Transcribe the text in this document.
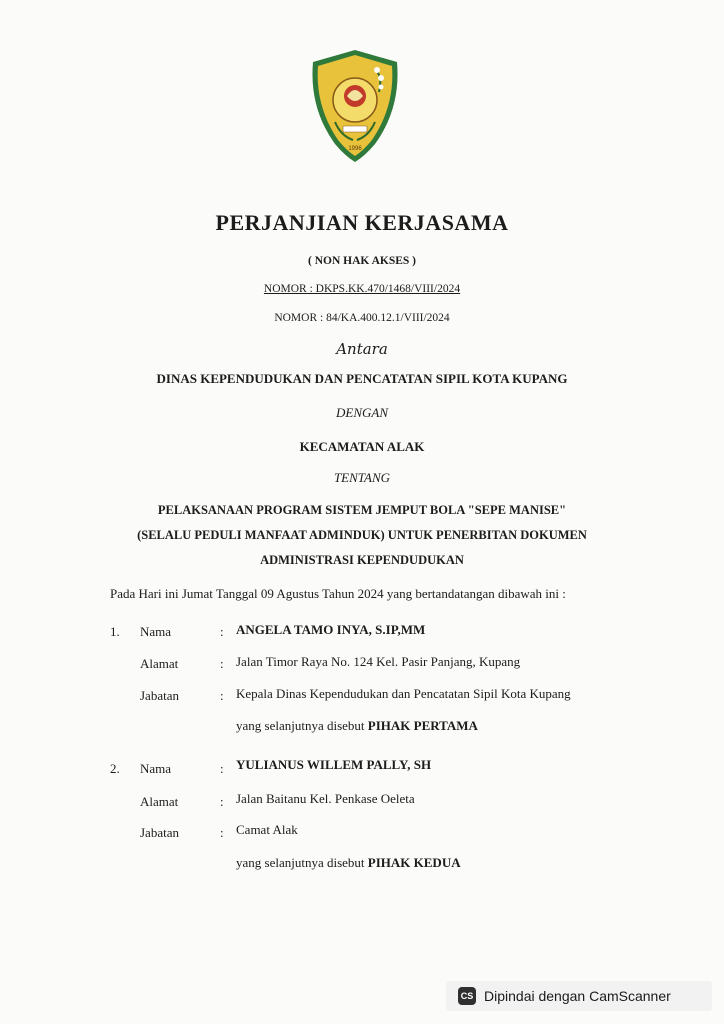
1996
PERJANJIAN KERJASAMA
( NON HAK AKSES )
NOMOR : DKPS.KK.470/1468/VIII/2024
NOMOR : 84/KA.400.12.1/VIII/2024
Antara
DINAS KEPENDUDUKAN DAN PENCATATAN SIPIL KOTA KUPANG
DENGAN
KECAMATAN ALAK
TENTANG
PELAKSANAAN PROGRAM SISTEM JEMPUT BOLA "SEPE MANISE"
(SELALU PEDULI MANFAAT ADMINDUK) UNTUK PENERBITAN DOKUMEN
ADMINISTRASI KEPENDUDUKAN
Pada Hari ini Jumat Tanggal 09 Agustus Tahun 2024 yang bertandatangan dibawah ini :
1. Nama	: ANGELA TAMO INYA, S.IP,MM
Alamat	: Jalan Timor Raya No. 124 Kel. Pasir Panjang, Kupang
Jabatan	: Kepala Dinas Kependudukan dan Pencatatan Sipil Kota Kupang
yang selanjutnya disebut PIHAK PERTAMA
2. Nama	: YULIANUS WILLEM PALLY, SH
Alamat	: Jalan Baitanu Kel. Penkase Oeleta
Jabatan	: Camat Alak
yang selanjutnya disebut PIHAK KEDUA
CS Dipindai dengan CamScanner
